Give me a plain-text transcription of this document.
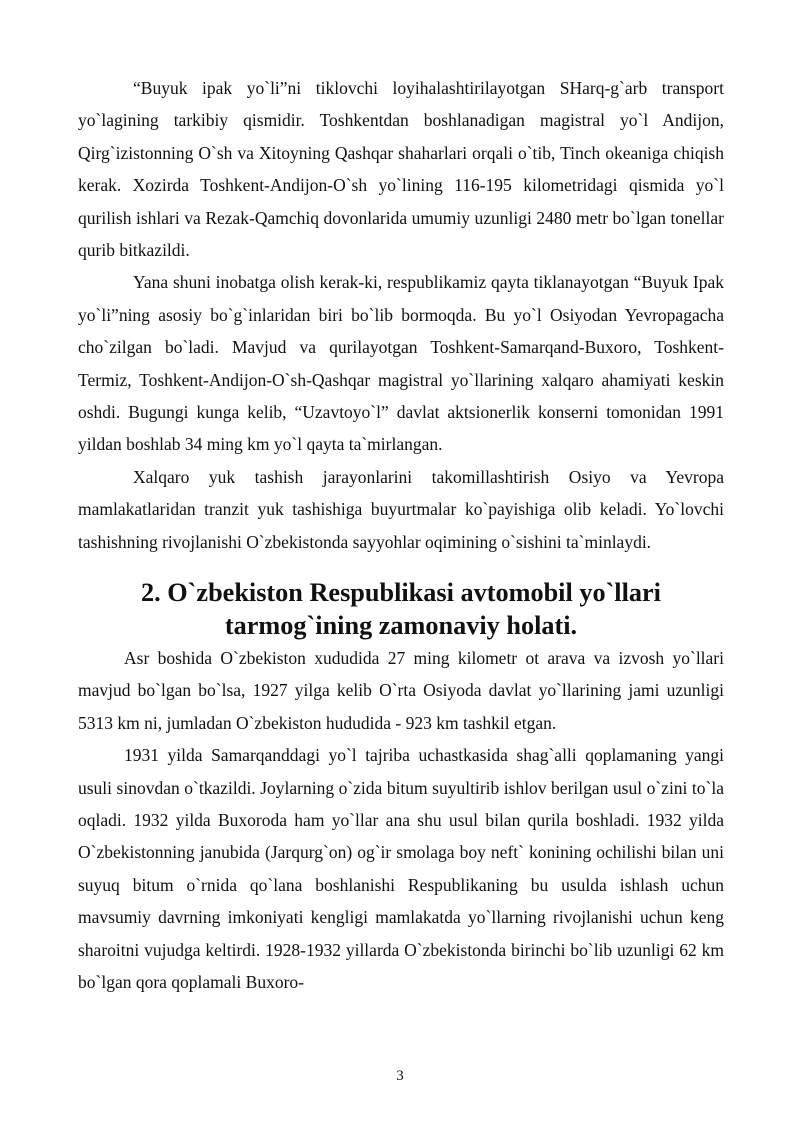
“Buyuk ipak yo`li”ni tiklovchi loyihalashtirilayotgan SHarq-g`arb transport yo`lagining tarkibiy qismidir. Toshkentdan boshlanadigan magistral yo`l Andijon, Qirg`izistonning O`sh va Xitoyning Qashqar shaharlari orqali o`tib, Tinch okeaniga chiqish kerak. Xozirda Toshkent-Andijon-O`sh yo`lining 116-195 kilometridagi qismida yo`l qurilish ishlari va Rezak-Qamchiq dovonlarida umumiy uzunligi 2480 metr bo`lgan tonellar qurib bitkazildi.

Yana shuni inobatga olish kerak-ki, respublikamiz qayta tiklanayotgan “Buyuk Ipak yo`li”ning asosiy bo`g`inlaridan biri bo`lib bormoqda. Bu yo`l Osiyodan Yevropagacha cho`zilgan bo`ladi. Mavjud va qurilayotgan Toshkent-Samarqand-Buxoro, Toshkent-Termiz, Toshkent-Andijon-O`sh-Qashqar magistral yo`llarining xalqaro ahamiyati keskin oshdi. Bugungi kunga kelib, “Uzavtoyo`l” davlat aktsionerlik konserni tomonidan 1991 yildan boshlab 34 ming km yo`l qayta ta`mirlangan.

Xalqaro yuk tashish jarayonlarini takomillashtirish Osiyo va Yevropa mamlakatlaridan tranzit yuk tashishiga buyurtmalar ko`payishiga olib keladi. Yo`lovchi tashishning rivojlanishi O`zbekistonda sayyohlar oqimining o`sishini ta`minlaydi.

2. O`zbekiston Respublikasi avtomobil yo`llari tarmog`ining zamonaviy holati.

Asr boshida O`zbekiston xududida 27 ming kilometr ot arava va izvosh yo`llari mavjud bo`lgan bo`lsa, 1927 yilga kelib O`rta Osiyoda davlat yo`llarining jami uzunligi 5313 km ni, jumladan O`zbekiston hududida - 923 km tashkil etgan.

1931 yilda Samarqanddagi yo`l tajriba uchastkasida shag`alli qoplamaning yangi usuli sinovdan o`tkazildi. Joylarning o`zida bitum suyultirib ishlov berilgan usul o`zini to`la oqladi. 1932 yilda Buxoroda ham yo`llar ana shu usul bilan qurila boshladi. 1932 yilda O`zbekistonning janubida (Jarqurg`on) og`ir smolaga boy neft` konining ochilishi bilan uni suyuq bitum o`rnida qo`lana boshlanishi Respublikaning bu usulda ishlash uchun mavsumiy davrning imkoniyati kengligi mamlakatda yo`llarning rivojlanishi uchun keng sharoitni vujudga keltirdi. 1928-1932 yillarda O`zbekistonda birinchi bo`lib uzunligi 62 km bo`lgan qora qoplamali Buxoro-

3
